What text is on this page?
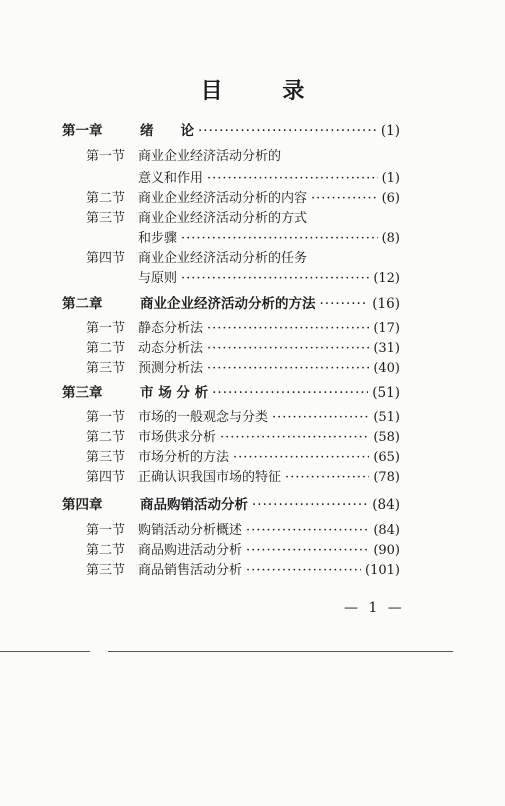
目 录
第一章	绪　　论 ·····	(1)
第一节 商业企业经济活动分析的
意义和作用 ·····	(1)
第二节 商业企业经济活动分析的内容 ·····	(6)
第三节 商业企业经济活动分析的方式
和步骤 ·····	(8)
第四节 商业企业经济活动分析的任务
与原则 ·····	(12)
第二章	商业企业经济活动分析的方法 ·····	(16)
第一节 静态分析法 ·····	(17)
第二节 动态分析法 ·····	(31)
第三节 预测分析法 ·····	(40)
第三章	市 场 分 析 ·····	(51)
第一节 市场的一般观念与分类 ·····	(51)
第二节 市场供求分析 ·····	(58)
第三节 市场分析的方法 ·····	(65)
第四节 正确认识我国市场的特征 ·····	(78)
第四章	商品购销活动分析 ·····	(84)
第一节 购销活动分析概述 ·····	(84)
第二节 商品购进活动分析 ·····	(90)
第三节 商品销售活动分析 ·····	(101)
— 1 —
